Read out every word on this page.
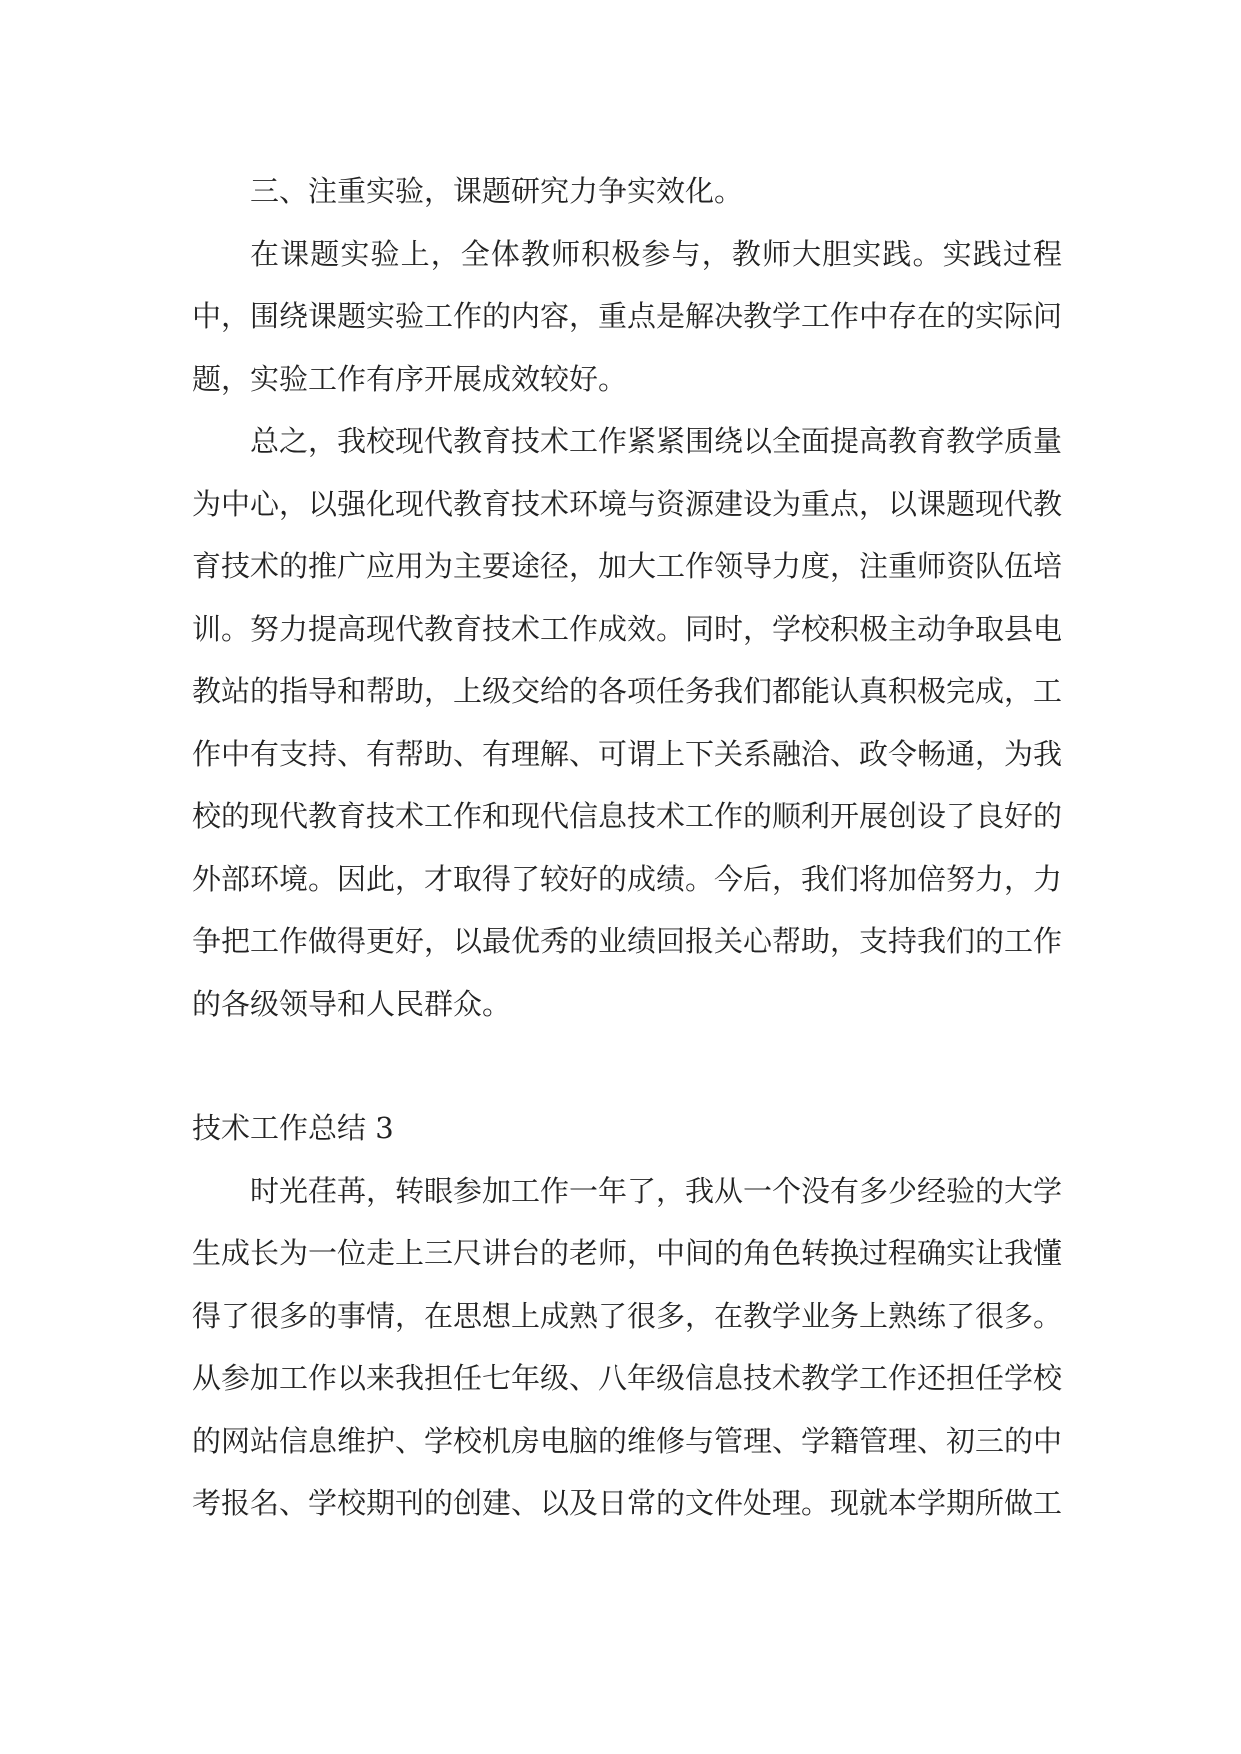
三、注重实验，课题研究力争实效化。

在课题实验上，全体教师积极参与，教师大胆实践。实践过程中，围绕课题实验工作的内容，重点是解决教学工作中存在的实际问题，实验工作有序开展成效较好。

总之，我校现代教育技术工作紧紧围绕以全面提高教育教学质量为中心，以强化现代教育技术环境与资源建设为重点，以课题现代教育技术的推广应用为主要途径，加大工作领导力度，注重师资队伍培训。努力提高现代教育技术工作成效。同时，学校积极主动争取县电教站的指导和帮助，上级交给的各项任务我们都能认真积极完成，工作中有支持、有帮助、有理解、可谓上下关系融洽、政令畅通，为我校的现代教育技术工作和现代信息技术工作的顺利开展创设了良好的外部环境。因此，才取得了较好的成绩。今后，我们将加倍努力，力争把工作做得更好，以最优秀的业绩回报关心帮助，支持我们的工作的各级领导和人民群众。

技术工作总结 3

时光荏苒，转眼参加工作一年了，我从一个没有多少经验的大学生成长为一位走上三尺讲台的老师，中间的角色转换过程确实让我懂得了很多的事情，在思想上成熟了很多，在教学业务上熟练了很多。从参加工作以来我担任七年级、八年级信息技术教学工作还担任学校的网站信息维护、学校机房电脑的维修与管理、学籍管理、初三的中考报名、学校期刊的创建、以及日常的文件处理。现就本学期所做工
